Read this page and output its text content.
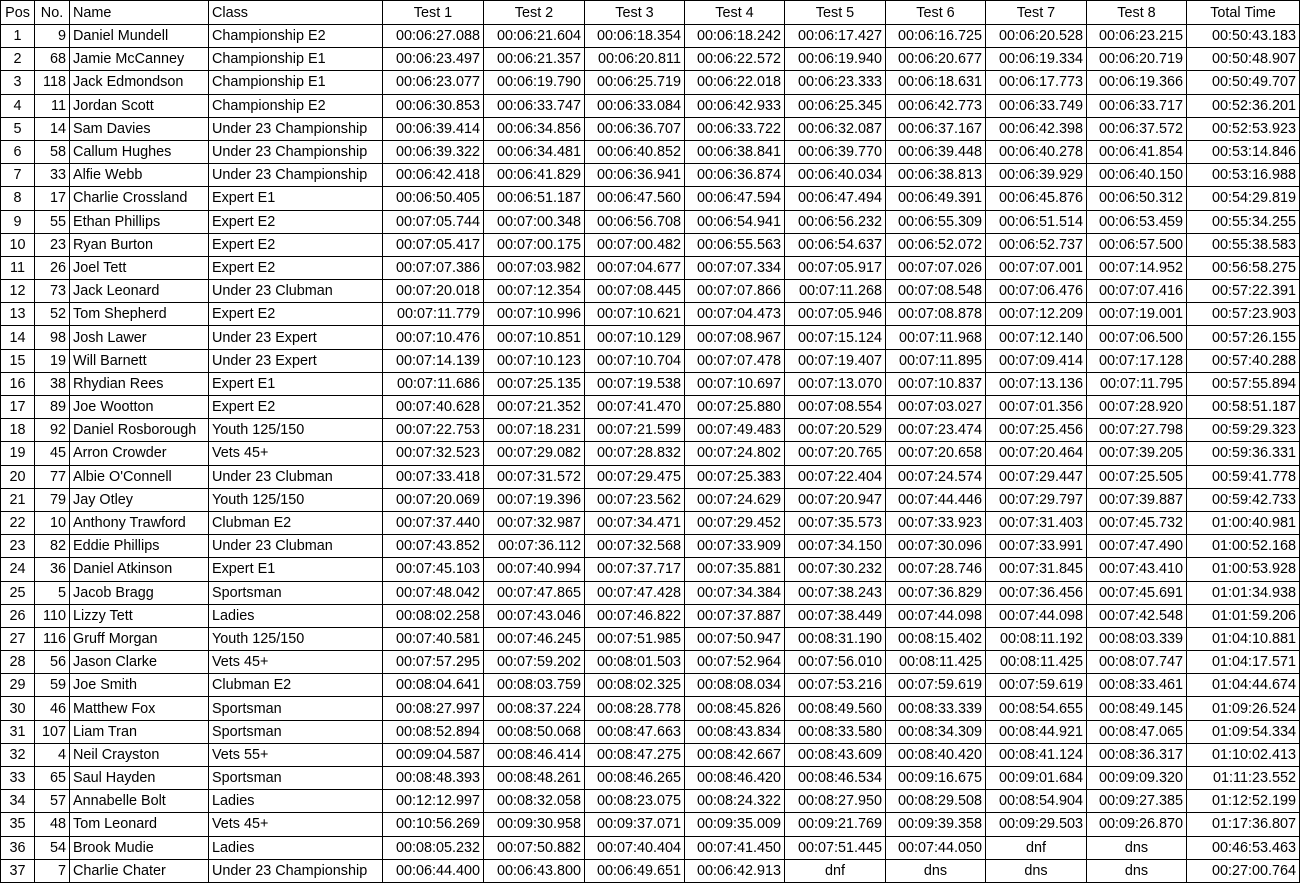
Pos	No.	Name	Class	Test 1	Test 2	Test 3	Test 4	Test 5	Test 6	Test 7	Test 8	Total Time
1	9	Daniel Mundell	Championship E2	00:06:27.088	00:06:21.604	00:06:18.354	00:06:18.242	00:06:17.427	00:06:16.725	00:06:20.528	00:06:23.215	00:50:43.183
2	68	Jamie McCanney	Championship E1	00:06:23.497	00:06:21.357	00:06:20.811	00:06:22.572	00:06:19.940	00:06:20.677	00:06:19.334	00:06:20.719	00:50:48.907
3	118	Jack Edmondson	Championship E1	00:06:23.077	00:06:19.790	00:06:25.719	00:06:22.018	00:06:23.333	00:06:18.631	00:06:17.773	00:06:19.366	00:50:49.707
4	11	Jordan Scott	Championship E2	00:06:30.853	00:06:33.747	00:06:33.084	00:06:42.933	00:06:25.345	00:06:42.773	00:06:33.749	00:06:33.717	00:52:36.201
5	14	Sam Davies	Under 23 Championship	00:06:39.414	00:06:34.856	00:06:36.707	00:06:33.722	00:06:32.087	00:06:37.167	00:06:42.398	00:06:37.572	00:52:53.923
6	58	Callum Hughes	Under 23 Championship	00:06:39.322	00:06:34.481	00:06:40.852	00:06:38.841	00:06:39.770	00:06:39.448	00:06:40.278	00:06:41.854	00:53:14.846
7	33	Alfie Webb	Under 23 Championship	00:06:42.418	00:06:41.829	00:06:36.941	00:06:36.874	00:06:40.034	00:06:38.813	00:06:39.929	00:06:40.150	00:53:16.988
8	17	Charlie Crossland	Expert E1	00:06:50.405	00:06:51.187	00:06:47.560	00:06:47.594	00:06:47.494	00:06:49.391	00:06:45.876	00:06:50.312	00:54:29.819
9	55	Ethan Phillips	Expert E2	00:07:05.744	00:07:00.348	00:06:56.708	00:06:54.941	00:06:56.232	00:06:55.309	00:06:51.514	00:06:53.459	00:55:34.255
10	23	Ryan Burton	Expert E2	00:07:05.417	00:07:00.175	00:07:00.482	00:06:55.563	00:06:54.637	00:06:52.072	00:06:52.737	00:06:57.500	00:55:38.583
11	26	Joel Tett	Expert E2	00:07:07.386	00:07:03.982	00:07:04.677	00:07:07.334	00:07:05.917	00:07:07.026	00:07:07.001	00:07:14.952	00:56:58.275
12	73	Jack Leonard	Under 23 Clubman	00:07:20.018	00:07:12.354	00:07:08.445	00:07:07.866	00:07:11.268	00:07:08.548	00:07:06.476	00:07:07.416	00:57:22.391
13	52	Tom Shepherd	Expert E2	00:07:11.779	00:07:10.996	00:07:10.621	00:07:04.473	00:07:05.946	00:07:08.878	00:07:12.209	00:07:19.001	00:57:23.903
14	98	Josh Lawer	Under 23 Expert	00:07:10.476	00:07:10.851	00:07:10.129	00:07:08.967	00:07:15.124	00:07:11.968	00:07:12.140	00:07:06.500	00:57:26.155
15	19	Will Barnett	Under 23 Expert	00:07:14.139	00:07:10.123	00:07:10.704	00:07:07.478	00:07:19.407	00:07:11.895	00:07:09.414	00:07:17.128	00:57:40.288
16	38	Rhydian Rees	Expert E1	00:07:11.686	00:07:25.135	00:07:19.538	00:07:10.697	00:07:13.070	00:07:10.837	00:07:13.136	00:07:11.795	00:57:55.894
17	89	Joe Wootton	Expert E2	00:07:40.628	00:07:21.352	00:07:41.470	00:07:25.880	00:07:08.554	00:07:03.027	00:07:01.356	00:07:28.920	00:58:51.187
18	92	Daniel Rosborough	Youth 125/150	00:07:22.753	00:07:18.231	00:07:21.599	00:07:49.483	00:07:20.529	00:07:23.474	00:07:25.456	00:07:27.798	00:59:29.323
19	45	Arron Crowder	Vets 45+	00:07:32.523	00:07:29.082	00:07:28.832	00:07:24.802	00:07:20.765	00:07:20.658	00:07:20.464	00:07:39.205	00:59:36.331
20	77	Albie O'Connell	Under 23 Clubman	00:07:33.418	00:07:31.572	00:07:29.475	00:07:25.383	00:07:22.404	00:07:24.574	00:07:29.447	00:07:25.505	00:59:41.778
21	79	Jay Otley	Youth 125/150	00:07:20.069	00:07:19.396	00:07:23.562	00:07:24.629	00:07:20.947	00:07:44.446	00:07:29.797	00:07:39.887	00:59:42.733
22	10	Anthony Trawford	Clubman E2	00:07:37.440	00:07:32.987	00:07:34.471	00:07:29.452	00:07:35.573	00:07:33.923	00:07:31.403	00:07:45.732	01:00:40.981
23	82	Eddie Phillips	Under 23 Clubman	00:07:43.852	00:07:36.112	00:07:32.568	00:07:33.909	00:07:34.150	00:07:30.096	00:07:33.991	00:07:47.490	01:00:52.168
24	36	Daniel Atkinson	Expert E1	00:07:45.103	00:07:40.994	00:07:37.717	00:07:35.881	00:07:30.232	00:07:28.746	00:07:31.845	00:07:43.410	01:00:53.928
25	5	Jacob Bragg	Sportsman	00:07:48.042	00:07:47.865	00:07:47.428	00:07:34.384	00:07:38.243	00:07:36.829	00:07:36.456	00:07:45.691	01:01:34.938
26	110	Lizzy Tett	Ladies	00:08:02.258	00:07:43.046	00:07:46.822	00:07:37.887	00:07:38.449	00:07:44.098	00:07:44.098	00:07:42.548	01:01:59.206
27	116	Gruff Morgan	Youth 125/150	00:07:40.581	00:07:46.245	00:07:51.985	00:07:50.947	00:08:31.190	00:08:15.402	00:08:11.192	00:08:03.339	01:04:10.881
28	56	Jason Clarke	Vets 45+	00:07:57.295	00:07:59.202	00:08:01.503	00:07:52.964	00:07:56.010	00:08:11.425	00:08:11.425	00:08:07.747	01:04:17.571
29	59	Joe Smith	Clubman E2	00:08:04.641	00:08:03.759	00:08:02.325	00:08:08.034	00:07:53.216	00:07:59.619	00:07:59.619	00:08:33.461	01:04:44.674
30	46	Matthew Fox	Sportsman	00:08:27.997	00:08:37.224	00:08:28.778	00:08:45.826	00:08:49.560	00:08:33.339	00:08:54.655	00:08:49.145	01:09:26.524
31	107	Liam Tran	Sportsman	00:08:52.894	00:08:50.068	00:08:47.663	00:08:43.834	00:08:33.580	00:08:34.309	00:08:44.921	00:08:47.065	01:09:54.334
32	4	Neil Crayston	Vets 55+	00:09:04.587	00:08:46.414	00:08:47.275	00:08:42.667	00:08:43.609	00:08:40.420	00:08:41.124	00:08:36.317	01:10:02.413
33	65	Saul Hayden	Sportsman	00:08:48.393	00:08:48.261	00:08:46.265	00:08:46.420	00:08:46.534	00:09:16.675	00:09:01.684	00:09:09.320	01:11:23.552
34	57	Annabelle Bolt	Ladies	00:12:12.997	00:08:32.058	00:08:23.075	00:08:24.322	00:08:27.950	00:08:29.508	00:08:54.904	00:09:27.385	01:12:52.199
35	48	Tom Leonard	Vets 45+	00:10:56.269	00:09:30.958	00:09:37.071	00:09:35.009	00:09:21.769	00:09:39.358	00:09:29.503	00:09:26.870	01:17:36.807
36	54	Brook Mudie	Ladies	00:08:05.232	00:07:50.882	00:07:40.404	00:07:41.450	00:07:51.445	00:07:44.050	dnf	dns	00:46:53.463
37	7	Charlie Chater	Under 23 Championship	00:06:44.400	00:06:43.800	00:06:49.651	00:06:42.913	dnf	dns	dns	dns	00:27:00.764
